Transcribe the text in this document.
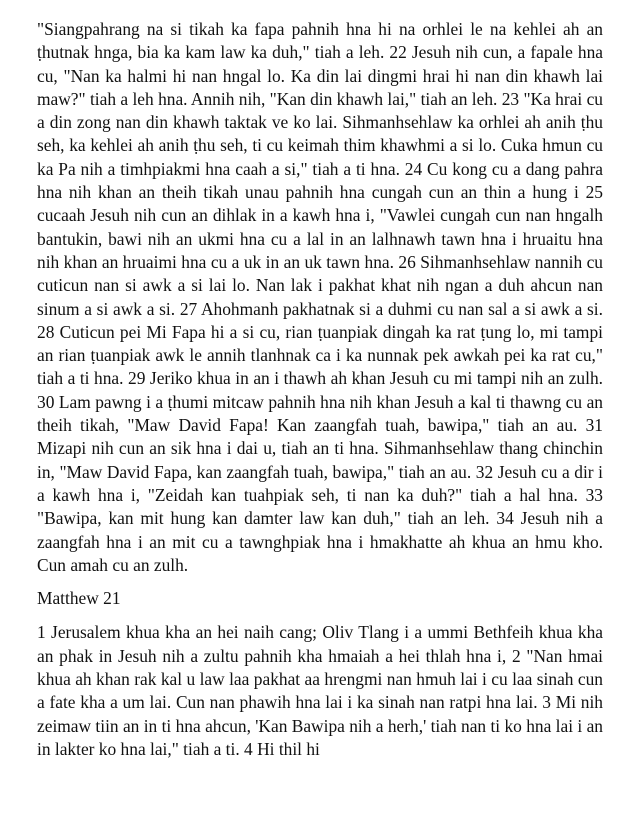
"Siangpahrang na si tikah ka fapa pahnih hna hi na orhlei le na kehlei ah an ṭhutnak hnga, bia ka kam law ka duh," tiah a leh. 22 Jesuh nih cun, a fapale hna cu, "Nan ka halmi hi nan hngal lo. Ka din lai dingmi hrai hi nan din khawh lai maw?" tiah a leh hna. Annih nih, "Kan din khawh lai," tiah an leh. 23 "Ka hrai cu a din zong nan din khawh taktak ve ko lai. Sihmanhsehlaw ka orhlei ah anih ṭhu seh, ka kehlei ah anih ṭhu seh, ti cu keimah thim khawhmi a si lo. Cuka hmun cu ka Pa nih a timhpiakmi hna caah a si," tiah a ti hna. 24 Cu kong cu a dang pahra hna nih khan an theih tikah unau pahnih hna cungah cun an thin a hung i 25 cucaah Jesuh nih cun an dihlak in a kawh hna i, "Vawlei cungah cun nan hngalh bantukin, bawi nih an ukmi hna cu a lal in an lalhnawh tawn hna i hruaitu hna nih khan an hruaimi hna cu a uk in an uk tawn hna. 26 Sihmanhsehlaw nannih cu cuticun nan si awk a si lai lo. Nan lak i pakhat khat nih ngan a duh ahcun nan sinum a si awk a si. 27 Ahohmanh pakhatnak si a duhmi cu nan sal a si awk a si. 28 Cuticun pei Mi Fapa hi a si cu, rian ṭuanpiak dingah ka rat ṭung lo, mi tampi an rian ṭuanpiak awk le annih tlanhnak ca i ka nunnak pek awkah pei ka rat cu," tiah a ti hna. 29 Jeriko khua in an i thawh ah khan Jesuh cu mi tampi nih an zulh. 30 Lam pawng i a ṭhumi mitcaw pahnih hna nih khan Jesuh a kal ti thawng cu an theih tikah, "Maw David Fapa! Kan zaangfah tuah, bawipa," tiah an au. 31 Mizapi nih cun an sik hna i dai u, tiah an ti hna. Sihmanhsehlaw thang chinchin in, "Maw David Fapa, kan zaangfah tuah, bawipa," tiah an au. 32 Jesuh cu a dir i a kawh hna i, "Zeidah kan tuahpiak seh, ti nan ka duh?" tiah a hal hna. 33 "Bawipa, kan mit hung kan damter law kan duh," tiah an leh. 34 Jesuh nih a zaangfah hna i an mit cu a tawnghpiak hna i hmakhatte ah khua an hmu kho. Cun amah cu an zulh.

Matthew 21

1 Jerusalem khua kha an hei naih cang; Oliv Tlang i a ummi Bethfeih khua kha an phak in Jesuh nih a zultu pahnih kha hmaiah a hei thlah hna i, 2 "Nan hmai khua ah khan rak kal u law laa pakhat aa hrengmi nan hmuh lai i cu laa sinah cun a fate kha a um lai. Cun nan phawih hna lai i ka sinah nan ratpi hna lai. 3 Mi nih zeimaw tiin an in ti hna ahcun, 'Kan Bawipa nih a herh,' tiah nan ti ko hna lai i an in lakter ko hna lai," tiah a ti. 4 Hi thil hi
